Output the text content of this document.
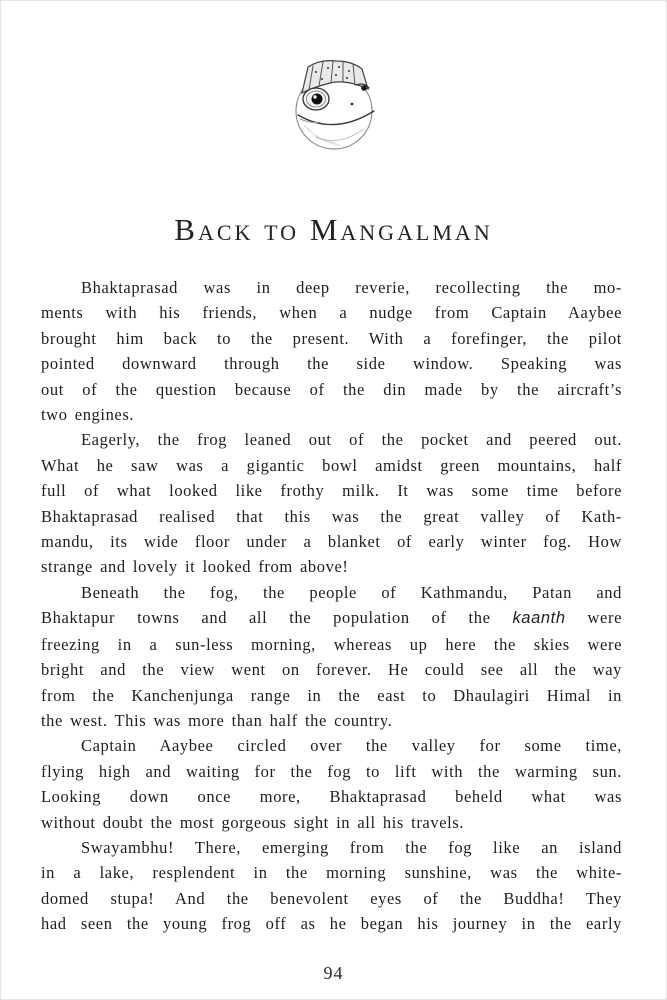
Back to Mangalman
Bhaktaprasad was in deep reverie, recollecting the mo-
ments with his friends, when a nudge from Captain Aaybee
brought him back to the present. With a forefinger, the pilot
pointed downward through the side window. Speaking was
out of the question because of the din made by the aircraft’s
two engines.
Eagerly, the frog leaned out of the pocket and peered out.
What he saw was a gigantic bowl amidst green mountains, half
full of what looked like frothy milk. It was some time before
Bhaktaprasad realised that this was the great valley of Kath-
mandu, its wide floor under a blanket of early winter fog. How
strange and lovely it looked from above!
Beneath the fog, the people of Kathmandu, Patan and
Bhaktapur towns and all the population of the kaanth were
freezing in a sun-less morning, whereas up here the skies were
bright and the view went on forever. He could see all the way
from the Kanchenjunga range in the east to Dhaulagiri Himal in
the west. This was more than half the country.
Captain Aaybee circled over the valley for some time,
flying high and waiting for the fog to lift with the warming sun.
Looking down once more, Bhaktaprasad beheld what was
without doubt the most gorgeous sight in all his travels.
Swayambhu! There, emerging from the fog like an island
in a lake, resplendent in the morning sunshine, was the white-
domed stupa! And the benevolent eyes of the Buddha! They
had seen the young frog off as he began his journey in the early
94
